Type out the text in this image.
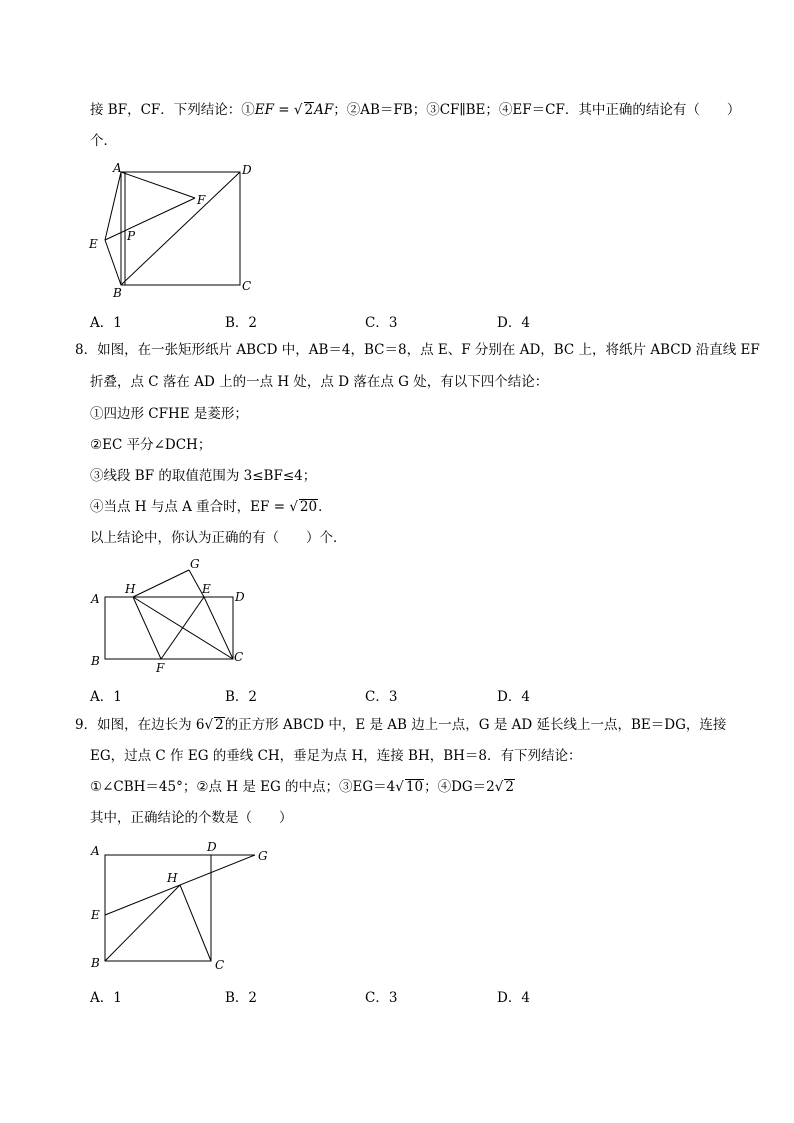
接 BF，CF．下列结论：①EF = √ 2AF；②AB＝FB；③CF∥BE；④EF＝CF．其中正确的结论有（　　）
个．
A	D
F
E
P
B	C
A．1	B．2	C．3	D．4
8．如图，在一张矩形纸片 ABCD 中，AB＝4，BC＝8，点 E、F 分别在 AD，BC 上，将纸片 ABCD 沿直线 EF
折叠，点 C 落在 AD 上的一点 H 处，点 D 落在点 G 处，有以下四个结论：
①四边形 CFHE 是菱形；
②EC 平分∠DCH；
③线段 BF 的取值范围为 3≤BF≤4；
④当点 H 与点 A 重合时，EF = √ 20．
以上结论中，你认为正确的有（　　）个．
G
H	E
A	D
B	F
C
A．1	B．2	C．3	D．4
9．如图，在边长为 6√ 2的正方形 ABCD 中，E 是 AB 边上一点，G 是 AD 延长线上一点，BE＝DG，连接
EG，过点 C 作 EG 的垂线 CH，垂足为点 H，连接 BH，BH＝8．有下列结论：
①∠CBH＝45°；②点 H 是 EG 的中点；③EG＝4√ 10；④DG＝2√ 2
其中，正确结论的个数是（　　）
A	D
G
H
E
B	C
A．1	B．2	C．3	D．4
